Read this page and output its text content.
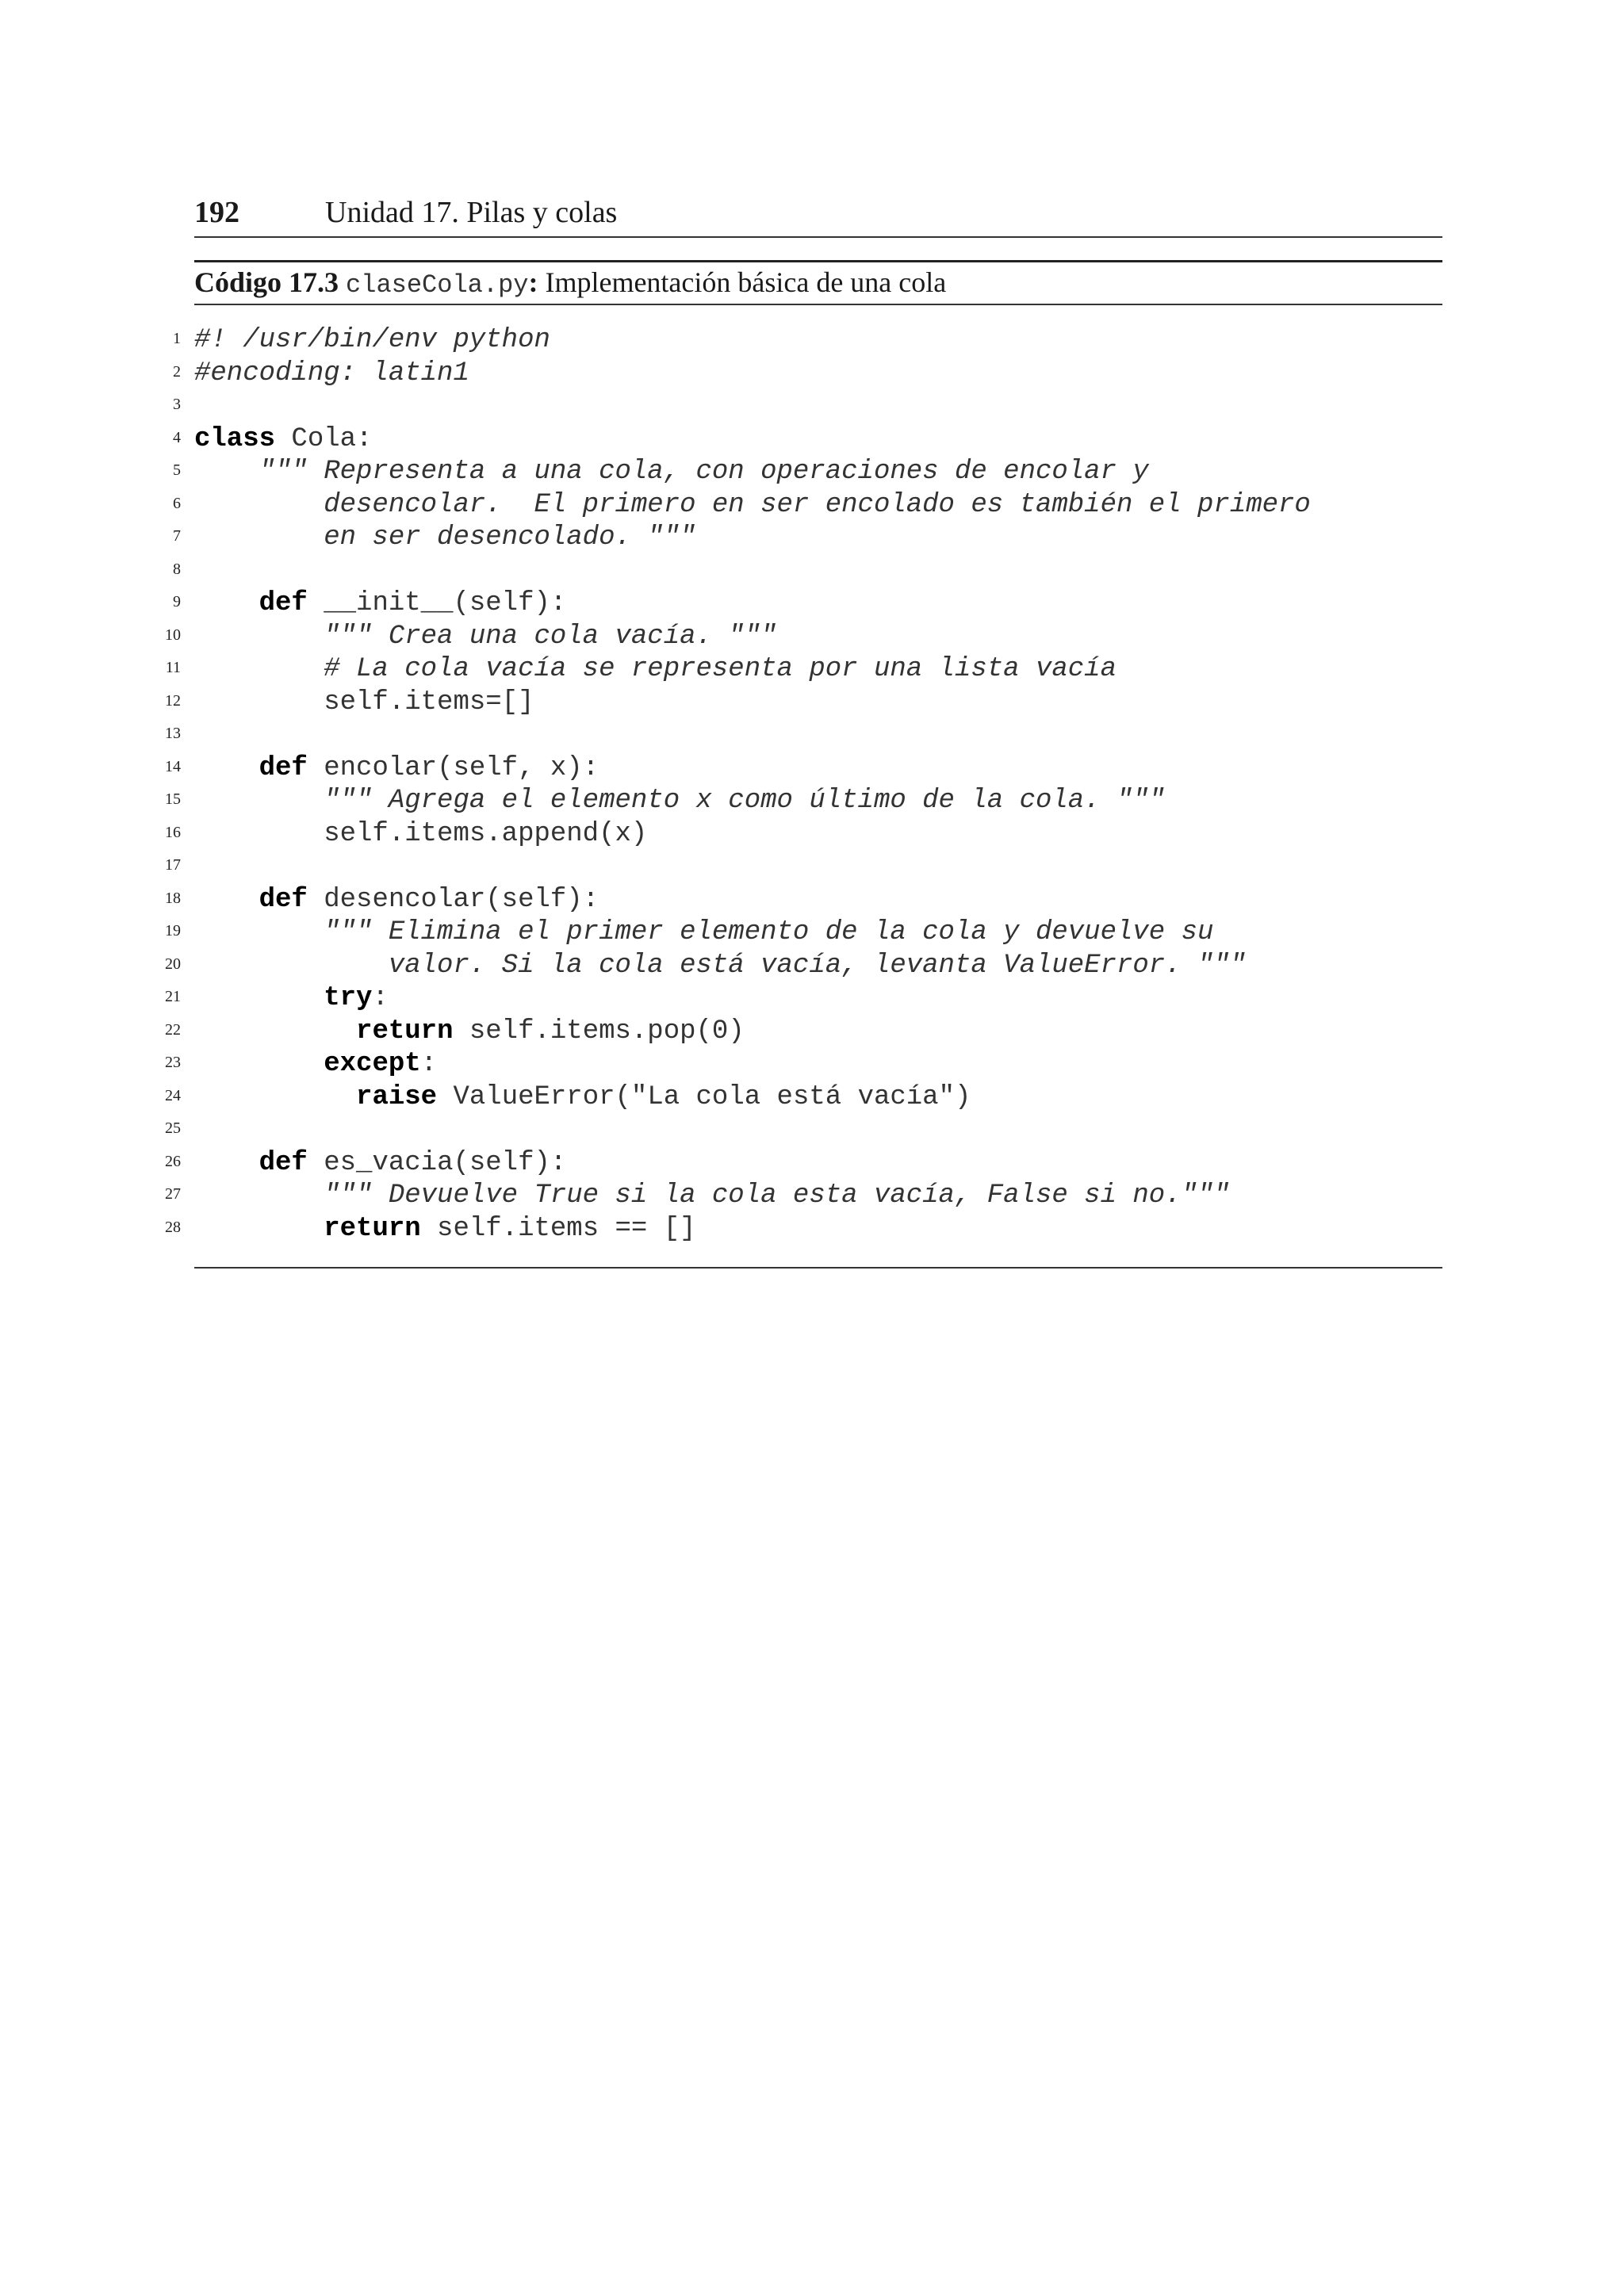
192	Unidad 17. Pilas y colas
Código 17.3 claseCola.py: Implementación básica de una cola
1 #! /usr/bin/env python
2 #encoding: latin1
3
4 class Cola:
5 """ Representa a una cola, con operaciones de encolar y
6 desencolar.  El primero en ser encolado es también el primero
7 en ser desencolado. """
8
9	def __init__(self):
10 """ Crea una cola vacía. """
11 # La cola vacía se representa por una lista vacía
12 self.items=[]
13
14	def encolar(self, x):
15 """ Agrega el elemento x como último de la cola. """
16 self.items.append(x)
17
18	def desencolar(self):
19 """ Elimina el primer elemento de la cola y devuelve su
20 valor. Si la cola está vacía, levanta ValueError. """
21	try:
22	return self.items.pop(0)
23	except:
24	raise ValueError("La cola está vacía")
25
26	def es_vacia(self):
27 """ Devuelve True si la cola esta vacía, False si no."""
28	return self.items == []
